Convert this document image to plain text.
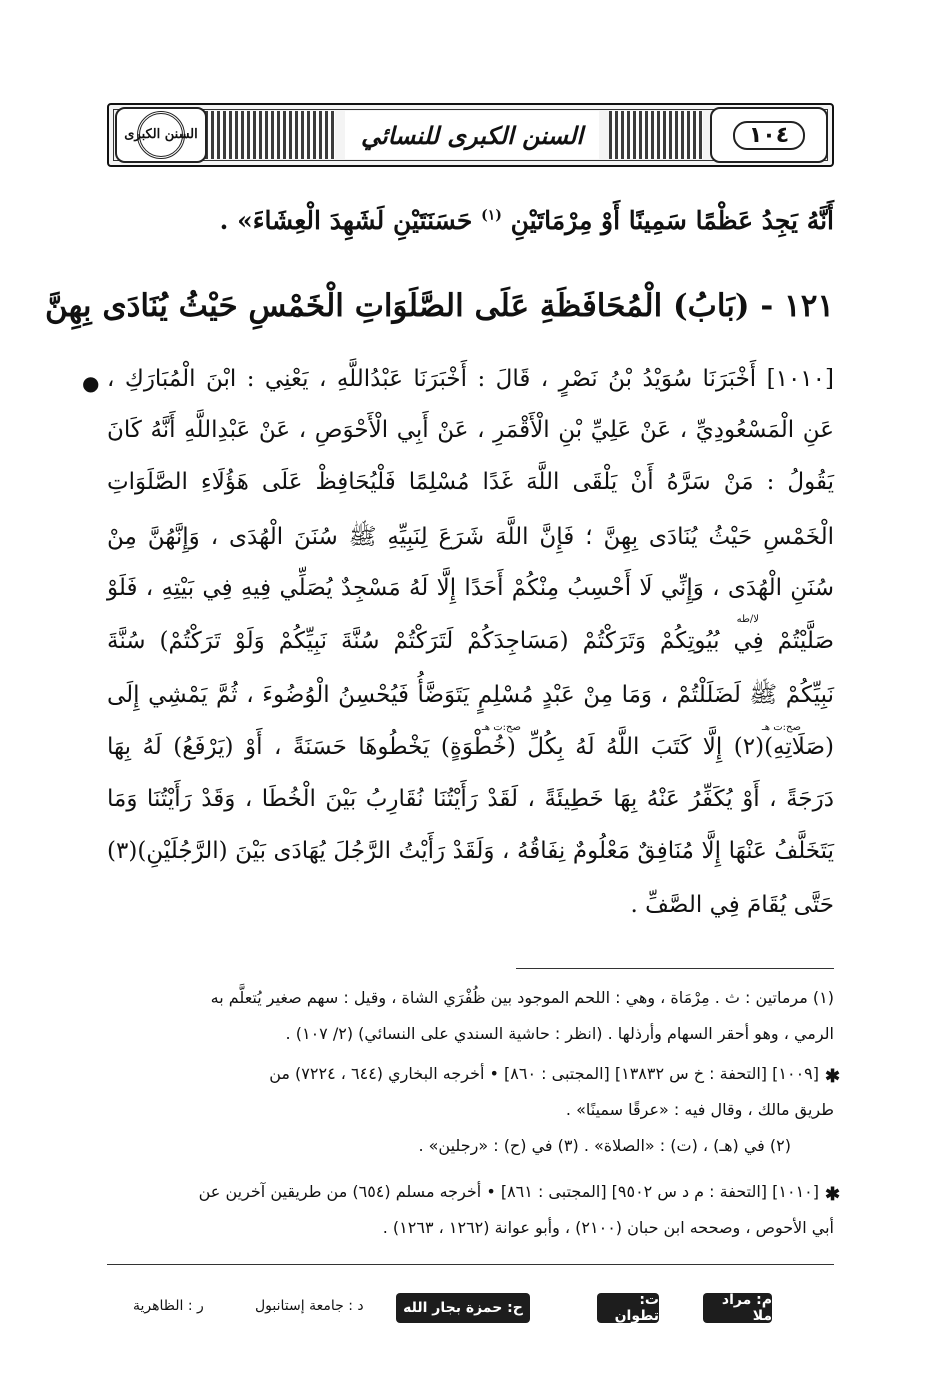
السنن الكبرى	السنن الكبرى للنسائي	١٠٤
أَنَّهُ يَجِدُ عَظْمًا سَمِينًا أَوْ مِرْمَاتَيْنِ $^{(١)}$ حَسَنَتَيْنِ لَشَهِدَ الْعِشَاءَ» .
١٢١ - (بَابُ) الْمُحَافَظَةِ عَلَى الصَّلَوَاتِ الْخَمْسِ حَيْثُ يُنَادَى بِهِنَّ
● [١٠١٠] أَخْبَرَنَا سُوَيْدُ بْنُ نَصْرٍ ، قَالَ : أَخْبَرَنَا عَبْدُاللَّهِ ، يَعْنِي : ابْنَ الْمُبَارَكِ ،
عَنِ الْمَسْعُودِيِّ ، عَنْ عَلِيِّ بْنِ الْأَقْمَرِ ، عَنْ أَبِي الْأَحْوَصِ ، عَنْ عَبْدِاللَّهِ أَنَّهُ كَانَ
يَقُولُ : مَنْ سَرَّهُ أَنْ يَلْقَى اللَّهَ غَدًا مُسْلِمًا فَلْيُحَافِظْ عَلَى هَؤُلَاءِ الصَّلَوَاتِ
الْخَمْسِ حَيْثُ يُنَادَى بِهِنَّ ؛ فَإِنَّ اللَّهَ شَرَعَ لِنَبِيِّهِ ﷺ سُنَنَ الْهُدَى ، وَإِنَّهُنَّ مِنْ
سُنَنِ الْهُدَى ، وَإِنِّي لَا أَحْسِبُ مِنْكُمْ أَحَدًا إِلَّا لَهُ مَسْجِدٌ يُصَلِّي فِيهِ فِي بَيْتِهِ ، فَلَوْ
لا/طه
صَلَّيْتُمْ فِي بُيُوتِكُمْ وَتَرَكْتُمْ (مَسَاجِدَكُمْ لَتَرَكْتُمْ سُنَّةَ نَبِيِّكُمْ وَلَوْ تَرَكْتُمْ) سُنَّةَ
نَبِيِّكُمْ ﷺ لَضَلَلْتُمْ ، وَمَا مِنْ عَبْدٍ مُسْلِمٍ يَتَوَضَّأُ فَيُحْسِنُ الْوُضُوءَ ، ثُمَّ يَمْشِي إِلَى
صح:ت هـ	صح:ت هـ
(صَلَاتِهِ)(٢) إِلَّا كَتَبَ اللَّهُ لَهُ بِكُلِّ (خُطْوَةٍ) يَخْطُوهَا حَسَنَةً ، أَوْ (يَرْفَعُ) لَهُ بِهَا
دَرَجَةً ، أَوْ يُكَفِّرُ عَنْهُ بِهَا خَطِيئَةً ، لَقَدْ رَأَيْتُنَا نُقَارِبُ بَيْنَ الْخُطَا ، وَقَدْ رَأَيْتُنَا وَمَا
يَتَخَلَّفُ عَنْهَا إِلَّا مُنَافِقٌ مَعْلُومٌ نِفَاقُهُ ، وَلَقَدْ رَأَيْتُ الرَّجُلَ يُهَادَى بَيْنَ (الرَّجُلَيْنِ)(٣)
حَتَّى يُقَامَ فِي الصَّفِّ .
(١) مرماتين : ث . مِرْمَاة ، وهي : اللحم الموجود بين ظُفْرَي الشاة ، وقيل : سهم صغير يُتعلَّم به
الرمي ، وهو أحقر السهام وأرذلها . (انظر : حاشية السندي على النسائي) (٢/ ١٠٧) .
✱
[١٠٠٩] [التحفة : خ س ١٣٨٣٢] [المجتبى : ٨٦٠] • أخرجه البخاري (٦٤٤ ، ٧٢٢٤) من
طريق مالك ، وقال فيه : «عرقًا سمينًا» .
(٢) في (هـ) ، (ت) : «الصلاة» . (٣) في (ح) : «رجلين» .
✱
[١٠١٠] [التحفة : م د س ٩٥٠٢] [المجتبى : ٨٦١] • أخرجه مسلم (٦٥٤) من طريقين آخرين عن
أبي الأحوص ، وصححه ابن حبان (٢١٠٠) ، وأبو عوانة (١٢٦٢ ، ١٢٦٣) .
م: مراد ملا
ت: تطوان
ح: حمزة بجار الله
د : جامعة إستانبول
ر : الظاهرية
